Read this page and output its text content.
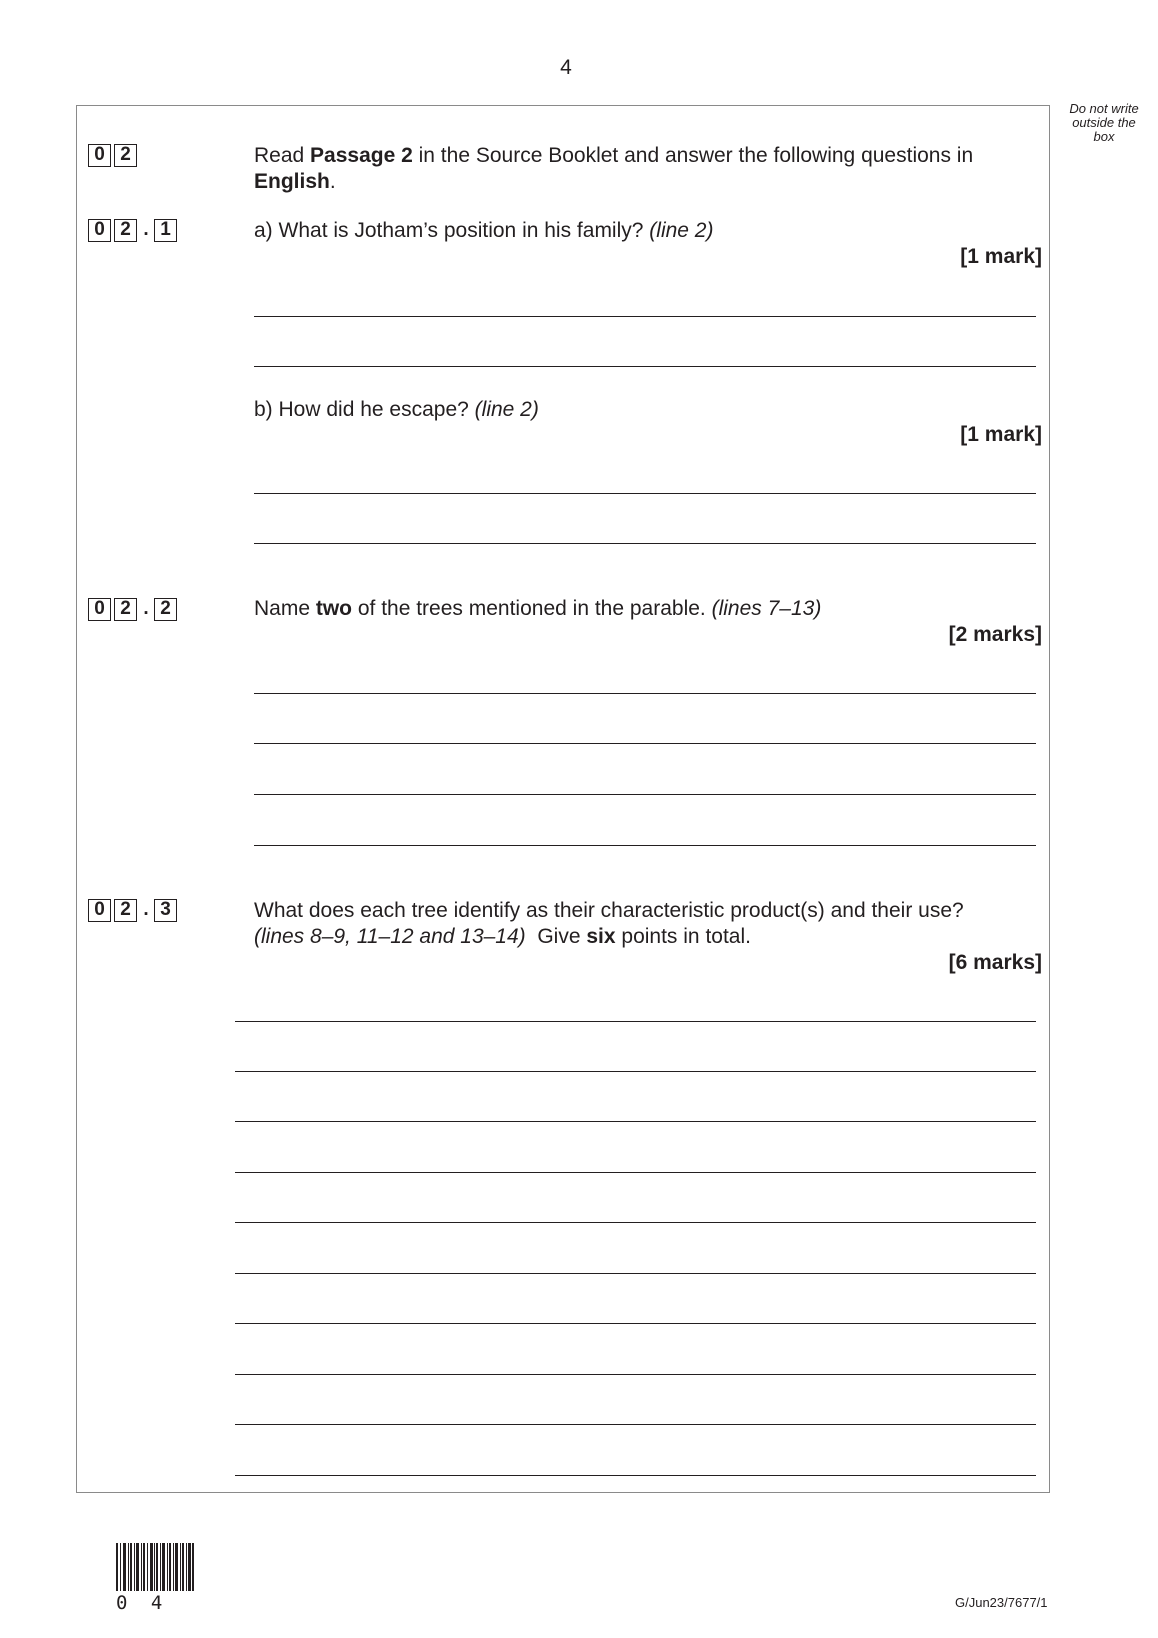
4
Do not write outside the box
0 2	Read Passage 2 in the Source Booklet and answer the following questions in English.
0 2 . 1	a) What is Jotham’s position in his family? (line 2)
[1 mark]
b) How did he escape? (line 2)
[1 mark]
0 2 . 2	Name two of the trees mentioned in the parable. (lines 7–13)
[2 marks]
0 2 . 3	What does each tree identify as their characteristic product(s) and their use?
(lines 8–9, 11–12 and 13–14)  Give six points in total.
[6 marks]
0 4	G/Jun23/7677/1
